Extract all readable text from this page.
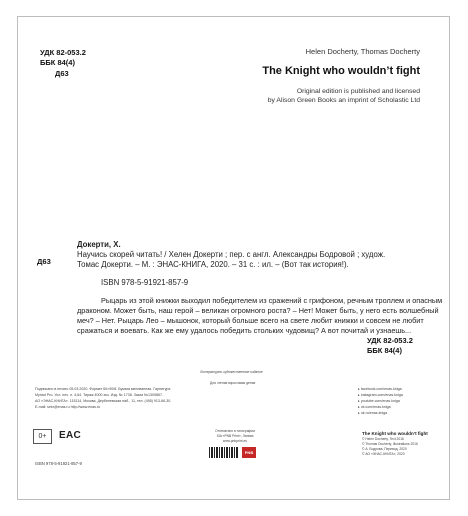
УДК 82-053.2
ББК 84(4)
Д63
Helen Docherty, Thomas Docherty
The Knight who wouldn’t fight
Original edition is published and licensed
by Alison Green Books an imprint of Scholastic Ltd
Д63
Докерти, Х.
Научись скорей читать! / Хелен Докерти ; пер. с англ. Александры Бодровой ; худож.
Томас Докерти. – М. : ЭНАС-КНИГА, 2020. – 31 с. : ил. – (Вот так история!).
ISBN 978-5-91921-857-9
Рыцарь из этой книжки выходил победителем из сражений с грифоном, речным троллем и опасным
драконом. Может быть, наш герой – великан огромного роста? – Нет! Может быть, у него есть волшебный
меч? – Нет. Рыцарь Лео – мышонок, который больше всего на свете любит книжки и совсем не любит
сражаться и воевать. Как же ему удалось победить стольких чудовищ? А вот почитай и узнаешь...
УДК 82-053.2
ББК 84(4)
Литературно-художественное издание
Для чтения взрослыми детям
Подписано в печать 05.03.2020. Формат 60×90/8. Бумага мелованная. Гарнитура
Myriad Pro. Усл. печ. л. 4,64. Тираж 4000 экз. Изд. № 1738. Заказ №1309867.
АО «ЭНАС-КНИГА». 115114, Москва, Дербеневская наб., 11, тел. (495) 913-66-30.
E-mail: sekr@enas.ru http://www.enas.ru
▸ facebook.com/enas.kniga
▸ instagram.com/enas.kniga
▸ youtube.com/enas.kniga
▸ vk.com/enas.kniga
▸ ok.ru/enas.kniga
0+	EAC
ISBN 978-5-91921-857-9
Отпечатано в типографии
SIA «PNB Print», Латвия
www.pnbprint.eu
PNB
The Knight who wouldn’t fight
© Helen Docherty, Text 2016
© Thomas Docherty, Illustrations 2016
© А. Бодрова, Перевод, 2020
© АО «ЭНАС-КНИГА», 2020
